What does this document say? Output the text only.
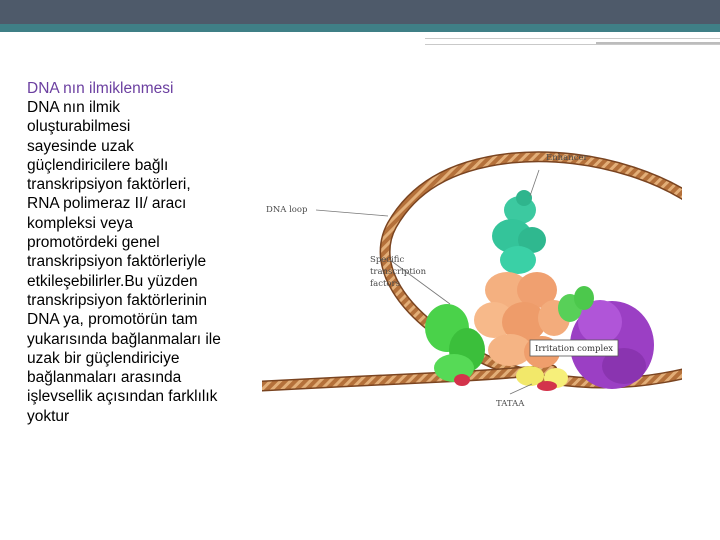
DNA nın ilmiklenmesi
DNA nın ilmik
oluşturabilmesi
sayesinde uzak
güçlendiricilere bağlı
transkripsiyon faktörleri,
RNA polimeraz II/ aracı
kompleksi veya
promotördeki genel
transkripsiyon faktörleriyle
etkileşebilirler.Bu yüzden
transkripsiyon faktörlerinin
DNA ya, promotörün tam
yukarısında bağlanmaları ile
uzak bir güçlendiriciye
bağlanmaları arasında
işlevsellik açısından farklılık
yoktur
Enhancer
DNA loop
Specific
transcription
factors
Irritation complex
TATAA
